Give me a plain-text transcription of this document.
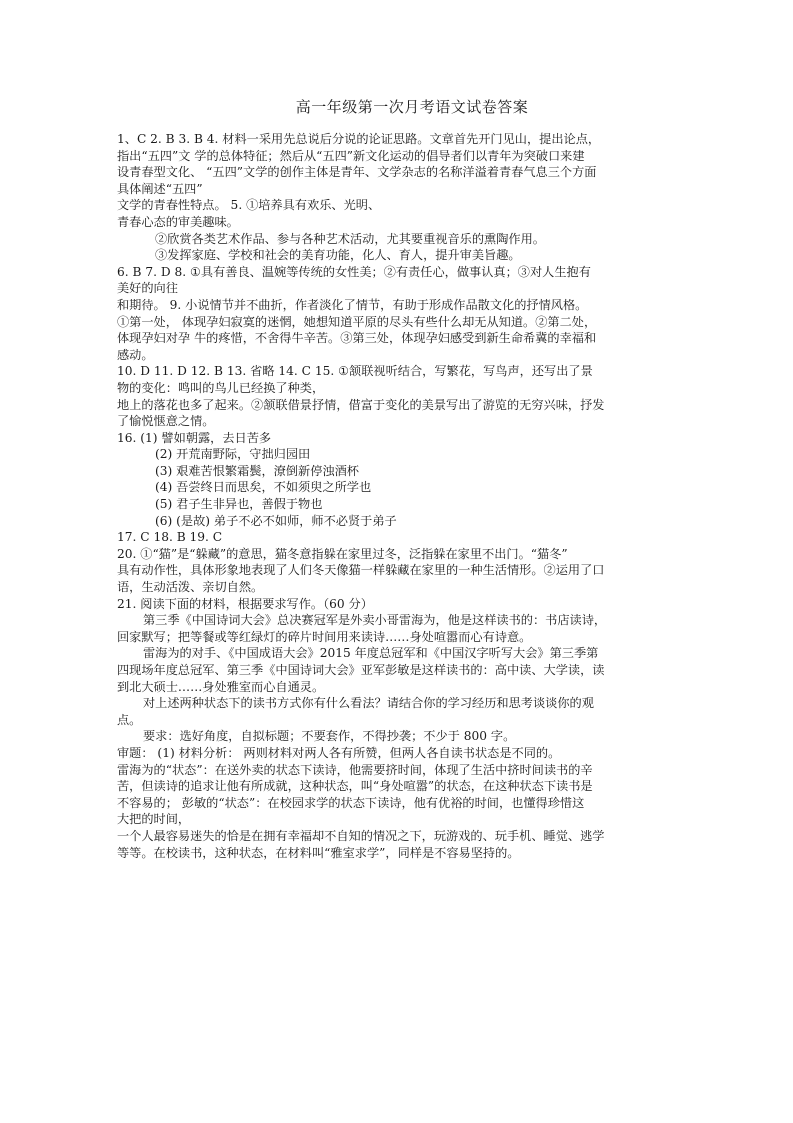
高一年级第一次月考语文试卷答案
1、C 2. B 3. B 4. 材料一采用先总说后分说的论证思路。文章首先开门见山，提出论点，
指出“五四”文 学的总体特征；然后从“五四”新文化运动的倡导者们以青年为突破口来建
设青春型文化、 “五四”文学的创作主体是青年、文学杂志的名称洋溢着青春气息三个方面
具体阐述“五四”
文学的青春性特点。 5. ①培养具有欢乐、光明、
青春心态的审美趣味。
②欣赏各类艺术作品、参与各种艺术活动，尤其要重视音乐的熏陶作用。
③发挥家庭、学校和社会的美育功能，化人、育人，提升审美旨趣。
6. B 7. D 8. ①具有善良、温婉等传统的女性美；②有责任心，做事认真；③对人生抱有
美好的向往
和期待。 9. 小说情节并不曲折，作者淡化了情节，有助于形成作品散文化的抒情风格。
①第一处， 体现孕妇寂寞的迷惘，她想知道平原的尽头有些什么却无从知道。②第二处，
体现孕妇对孕 牛的疼惜，不舍得牛辛苦。③第三处，体现孕妇感受到新生命希冀的幸福和
感动。
10. D 11. D 12. B 13. 省略 14. C 15. ①颔联视听结合，写繁花，写鸟声，还写出了景
物的变化：鸣叫的鸟儿已经换了种类，
地上的落花也多了起来。②颔联借景抒情，借富于变化的美景写出了游览的无穷兴味，抒发
了愉悦惬意之情。
16. (1) 譬如朝露，去日苦多
(2) 开荒南野际，守拙归园田
(3) 艰难苦恨繁霜鬓，潦倒新停浊酒杯
(4) 吾尝终日而思矣，不如须臾之所学也
(5) 君子生非异也，善假于物也
(6) (是故) 弟子不必不如师，师不必贤于弟子
17. C 18. B 19. C
20. ①“猫”是“躲藏”的意思，猫冬意指躲在家里过冬，泛指躲在家里不出门。“猫冬”
具有动作性，具体形象地表现了人们冬天像猫一样躲藏在家里的一种生活情形。②运用了口
语，生动活泼、亲切自然。
21. 阅读下面的材料，根据要求写作。（60 分）
第三季《中国诗词大会》总决赛冠军是外卖小哥雷海为，他是这样读书的：书店读诗，
回家默写；把等餐或等红绿灯的碎片时间用来读诗……身处喧嚣而心有诗意。
雷海为的对手、《中国成语大会》2015 年度总冠军和《中国汉字听写大会》第三季第
四现场年度总冠军、第三季《中国诗词大会》亚军彭敏是这样读书的：高中读、大学读，读
到北大硕士……身处雅室而心自通灵。
对上述两种状态下的读书方式你有什么看法？请结合你的学习经历和思考谈谈你的观
点。
要求：选好角度，自拟标题；不要套作，不得抄袭；不少于 800 字。
审题： (1) 材料分析： 两则材料对两人各有所赞，但两人各自读书状态是不同的。
雷海为的“状态”：在送外卖的状态下读诗，他需要挤时间，体现了生活中挤时间读书的辛
苦，但读诗的追求让他有所成就，这种状态，叫“身处喧嚣”的状态，在这种状态下读书是
不容易的； 彭敏的“状态”：在校园求学的状态下读诗，他有优裕的时间，也懂得珍惜这
大把的时间，
一个人最容易迷失的恰是在拥有幸福却不自知的情况之下，玩游戏的、玩手机、睡觉、逃学
等等。在校读书，这种状态，在材料叫“雅室求学”，同样是不容易坚持的。
